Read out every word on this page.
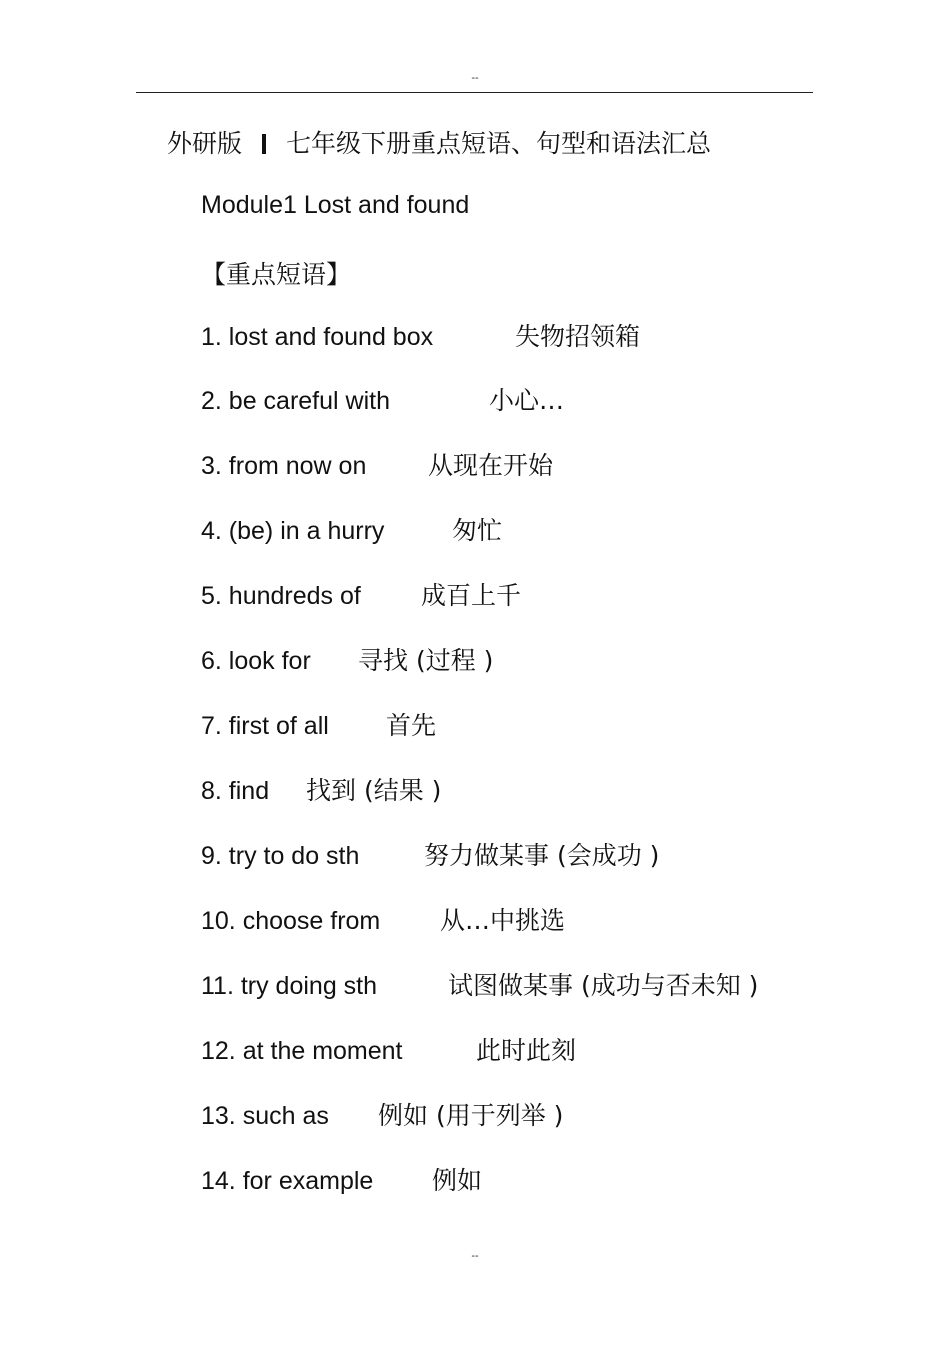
--
外研版 七年级下册重点短语、句型和语法汇总
Module1 Lost and found
【重点短语】
1. lost and found box	失物招领箱
2. be careful with	小心…
3. from now on 从现在开始
4. (be) in a hurry	匆忙
5. hundreds of 成百上千
6. look for 寻找 (过程 )
7. first of all 首先
8. find 找到 (结果 )
9. try to do sth	努力做某事 (会成功 )
10. choose from 从…中挑选
11. try doing sth	试图做某事 (成功与否未知 )
12. at the moment	此时此刻
13. such as 例如 (用于列举 )
14. for example 例如
--
